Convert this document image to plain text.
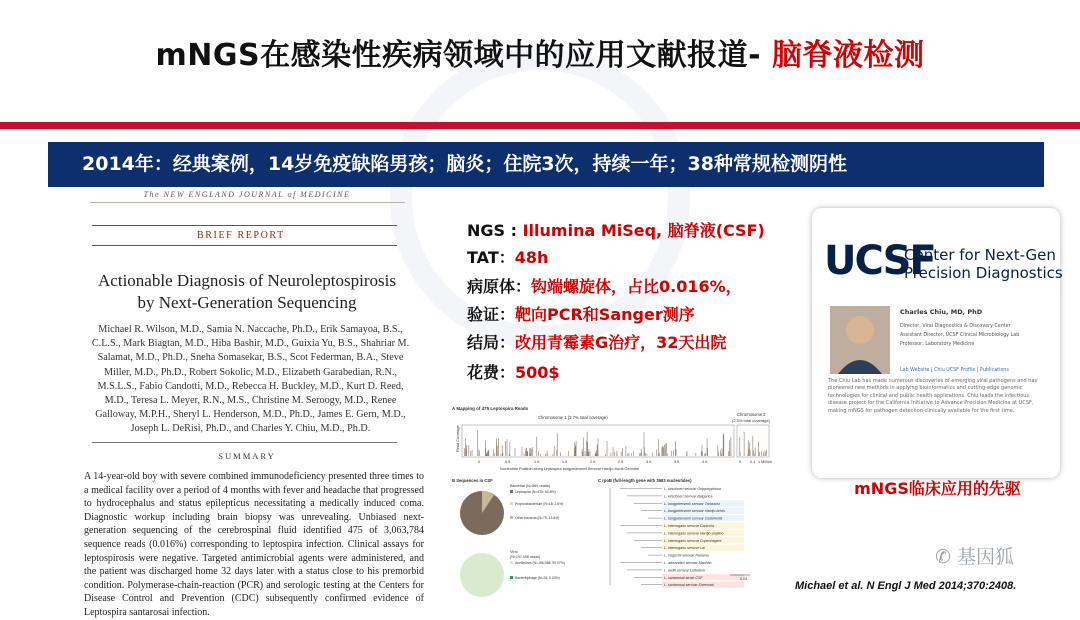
mNGS在感染性疾病领域中的应用文献报道- 脑脊液检测
2014年：经典案例，14岁免疫缺陷男孩；脑炎；住院3次，持续一年；38种常规检测阴性
The NEW ENGLAND JOURNAL of MEDICINE
BRIEF REPORT
Actionable Diagnosis of Neuroleptospirosis
by Next-Generation Sequencing
Michael R. Wilson, M.D., Samia N. Naccache, Ph.D., Erik Samayoa, B.S., C.L.S., Mark Biagtan, M.D., Hiba Bashir, M.D., Guixia Yu, B.S., Shahriar M. Salamat, M.D., Ph.D., Sneha Somasekar, B.S., Scot Federman, B.A., Steve Miller, M.D., Ph.D., Robert Sokolic, M.D., Elizabeth Garabedian, R.N., M.S.L.S., Fabio Candotti, M.D., Rebecca H. Buckley, M.D., Kurt D. Reed, M.D., Teresa L. Meyer, R.N., M.S., Christine M. Seroogy, M.D., Renee Galloway, M.P.H., Sheryl L. Henderson, M.D., Ph.D., James E. Gern, M.D., Joseph L. DeRisi, Ph.D., and Charles Y. Chiu, M.D., Ph.D.
SUMMARY
A 14-year-old boy with severe combined immunodeficiency presented three times to a medical facility over a period of 4 months with fever and headache that progressed to hydrocephalus and status epilepticus necessitating a medically induced coma. Diagnostic workup including brain biopsy was unrevealing. Unbiased next-generation sequencing of the cerebrospinal fluid identified 475 of 3,063,784 sequence reads (0.016%) corresponding to leptospira infection. Clinical assays for leptospirosis were negative. Targeted antimicrobial agents were administered, and the patient was discharged home 32 days later with a status close to his premorbid condition. Polymerase-chain-reaction (PCR) and serologic testing at the Centers for Disease Control and Prevention (CDC) subsequently confirmed evidence of Leptospira santarosai infection.
NGS : Illumina MiSeq, 脑脊液(CSF)
TAT：48h
病原体：钩端螺旋体，占比0.016%，
验证：靶向PCR和Sanger测序
结局：改用青霉素G治疗，32天出院
花费：500$
A Mapping of 475 Leptospira Reads
Chromosome 1 (3.7% total coverage)
Chromosome 2
(2.3% total coverage)
Read Coverage
0	0.5	1.0	1.5	2.0	2.5	3.0	3.5	4.0	0 0.1 1 Million
Nucleotide Position along Leptospira borgpetersenii Serovar Hardjo-bovis Genome
B Sequences in CSF
Bacterial (N=569 reads)
Leptospira (N=475; 83.8%)
Propionibacterium (N=15; 2.6%)
Other bacteria (N=79; 13.8%)
Viral
(N=197,098 reads)
Anellovirus (N=196,968; 99.97%)
Bacteriophage (N=28; 0.03%)
C rpoB (full-length gene with 3683 nucleotides)
L. kirschneri serovar Grippotyphosa
L. kirschneri serovar Bulgarica
L. borgpetersenii serovar Tarassovi
L. borgpetersenii serovar Hardjo-bovis
L. borgpetersenii serovar Castellonis
L. interrogans serovar Canicola
L. interrogans serovar Hardjo-prajitno
L. interrogans serovar Copenhageni
L. interrogans serovar Lai
L. noguchii serovar Panama
L. alexanderi serovar Manhao
L. weilii serovar Celledoni
L. santarosai strain CSF
L. santarosai serovar Shermani
0.04
UCSF
Center for Next-Gen
Precision Diagnostics
Charles Chiu, MD, PhD
Director, Viral Diagnostics & Discovery Center
Assistant Director, UCSF Clinical Microbiology Lab
Professor, Laboratory Medicine
Lab Website | Chiu UCSF Profile | Publications
The Chiu Lab has made numerous discoveries of emerging viral pathogens and has pioneered new methods in applying bioinformatics and cutting-edge genomic technologies for clinical and public health applications. Chiu leads the infectious disease project for the California Initiative to Advance Precision Medicine at UCSF, making mNGS for pathogen detection clinically available for the first time.
mNGS临床应用的先驱
✆ 基因狐
Michael et al. N Engl J Med 2014;370:2408.
